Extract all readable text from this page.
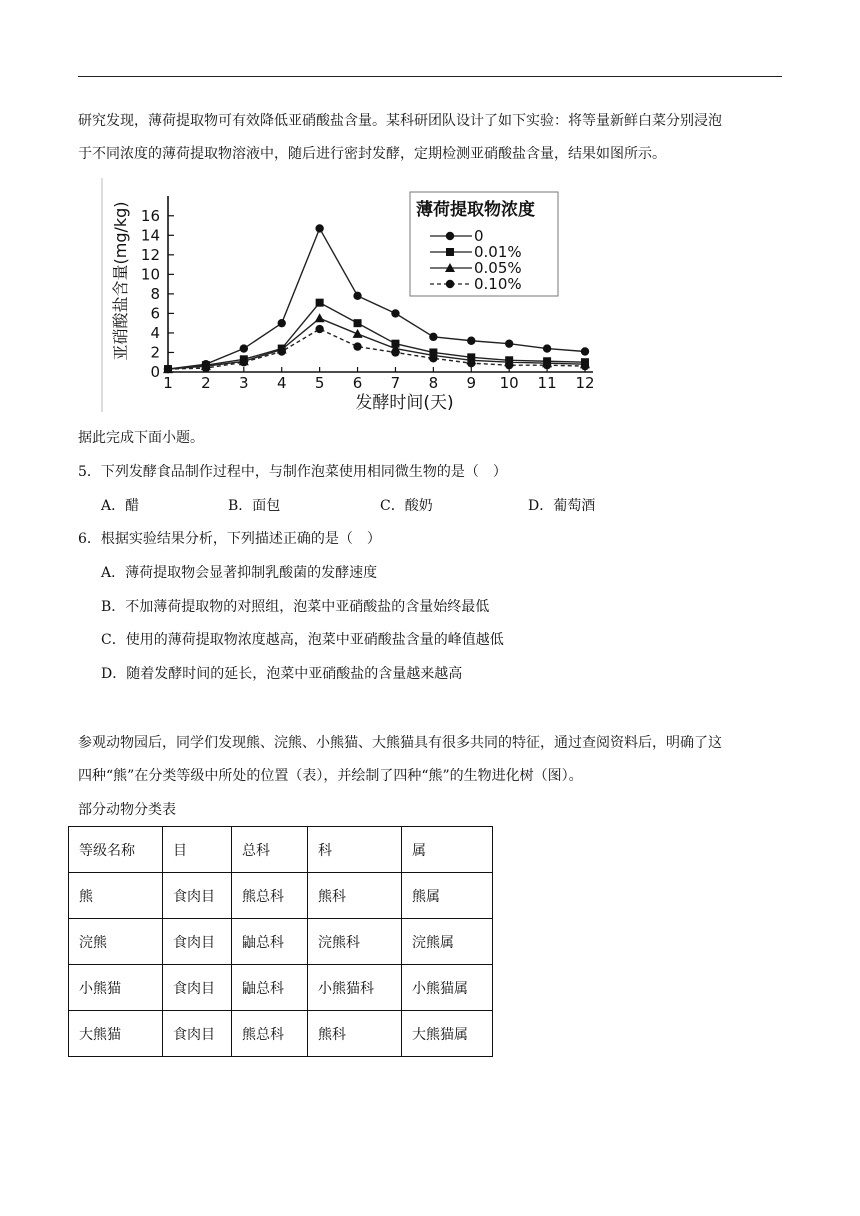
研究发现，薄荷提取物可有效降低亚硝酸盐含量。某科研团队设计了如下实验：将等量新鲜白菜分别浸泡
于不同浓度的薄荷提取物溶液中，随后进行密封发酵，定期检测亚硝酸盐含量，结果如图所示。
0
2
4
6
8
10
12
14
16
1 2 3 4 5 6 7 8 9 10 11 12
发酵时间(天)
亚硝酸盐含量(mg/kg)	薄荷提取物浓度
0
0.01%
0.05%
0.10%
据此完成下面小题。
5．下列发酵食品制作过程中，与制作泡菜使用相同微生物的是（　）
A．醋	B．面包	C．酸奶	D．葡萄酒
6．根据实验结果分析，下列描述正确的是（　）
A．薄荷提取物会显著抑制乳酸菌的发酵速度
B．不加薄荷提取物的对照组，泡菜中亚硝酸盐的含量始终最低
C．使用的薄荷提取物浓度越高，泡菜中亚硝酸盐含量的峰值越低
D．随着发酵时间的延长，泡菜中亚硝酸盐的含量越来越高
参观动物园后，同学们发现熊、浣熊、小熊猫、大熊猫具有很多共同的特征，通过查阅资料后，明确了这
四种“熊”在分类等级中所处的位置（表），并绘制了四种“熊”的生物进化树（图）。
部分动物分类表
等级名称	目	总科	科	属
熊	食肉目	熊总科	熊科	熊属
浣熊	食肉目	鼬总科	浣熊科	浣熊属
小熊猫	食肉目	鼬总科	小熊猫科	小熊猫属
大熊猫	食肉目	熊总科	熊科	大熊猫属
